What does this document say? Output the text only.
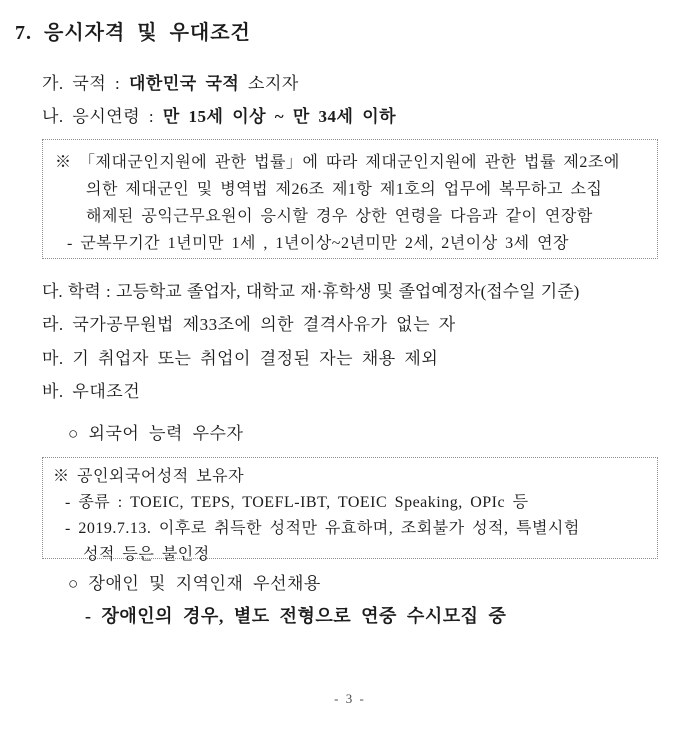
7. 응시자격 및 우대조건
가. 국적 : 대한민국 국적 소지자
나. 응시연령 : 만 15세 이상 ~ 만 34세 이하
※ 「제대군인지원에 관한 법률」에 따라 제대군인지원에 관한 법률 제2조에
의한 제대군인 및 병역법 제26조 제1항 제1호의 업무에 복무하고 소집
해제된 공익근무요원이 응시할 경우 상한 연령을 다음과 같이 연장함
- 군복무기간 1년미만 1세 , 1년이상~2년미만 2세, 2년이상 3세 연장
다. 학력 : 고등학교 졸업자, 대학교 재·휴학생 및 졸업예정자(접수일 기준)
라. 국가공무원법 제33조에 의한 결격사유가 없는 자
마. 기 취업자 또는 취업이 결정된 자는 채용 제외
바. 우대조건
○ 외국어 능력 우수자
※ 공인외국어성적 보유자
- 종류 : TOEIC, TEPS, TOEFL-IBT, TOEIC Speaking, OPIc 등
- 2019.7.13. 이후로 취득한 성적만 유효하며, 조회불가 성적, 특별시험
성적 등은 불인정
○ 장애인 및 지역인재 우선채용
- 장애인의 경우, 별도 전형으로 연중 수시모집 중
- 3 -
